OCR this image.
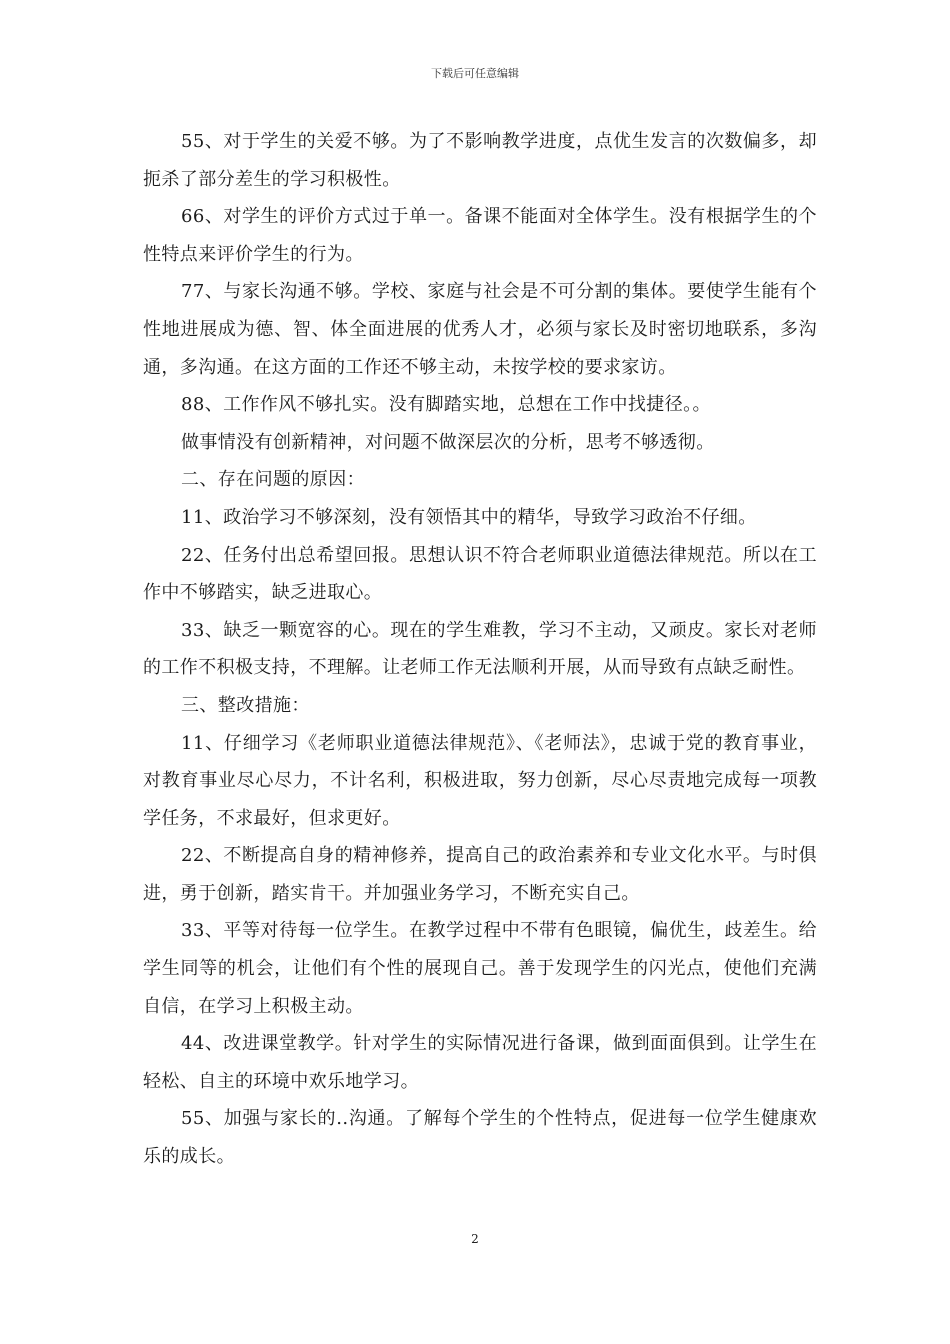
下载后可任意编辑

55、对于学生的关爱不够。为了不影响教学进度，点优生发言的次数偏多，却扼杀了部分差生的学习积极性。

66、对学生的评价方式过于单一。备课不能面对全体学生。没有根据学生的个性特点来评价学生的行为。

77、与家长沟通不够。学校、家庭与社会是不可分割的集体。要使学生能有个性地进展成为德、智、体全面进展的优秀人才，必须与家长及时密切地联系，多沟通，多沟通。在这方面的工作还不够主动，未按学校的要求家访。

88、工作作风不够扎实。没有脚踏实地，总想在工作中找捷径。。

做事情没有创新精神，对问题不做深层次的分析，思考不够透彻。

二、存在问题的原因：

11、政治学习不够深刻，没有领悟其中的精华，导致学习政治不仔细。

22、任务付出总希望回报。思想认识不符合老师职业道德法律规范。所以在工作中不够踏实，缺乏进取心。

33、缺乏一颗宽容的心。现在的学生难教，学习不主动，又顽皮。家长对老师的工作不积极支持，不理解。让老师工作无法顺利开展，从而导致有点缺乏耐性。

三、整改措施：

11、仔细学习《老师职业道德法律规范》、《老师法》，忠诚于党的教育事业，对教育事业尽心尽力，不计名利，积极进取，努力创新，尽心尽责地完成每一项教学任务，不求最好，但求更好。

22、不断提高自身的精神修养，提高自己的政治素养和专业文化水平。与时俱进，勇于创新，踏实肯干。并加强业务学习，不断充实自己。

33、平等对待每一位学生。在教学过程中不带有色眼镜，偏优生，歧差生。给学生同等的机会，让他们有个性的展现自己。善于发现学生的闪光点，使他们充满自信，在学习上积极主动。

44、改进课堂教学。针对学生的实际情况进行备课，做到面面俱到。让学生在轻松、自主的环境中欢乐地学习。

55、加强与家长的..沟通。了解每个学生的个性特点，促进每一位学生健康欢乐的成长。

2
